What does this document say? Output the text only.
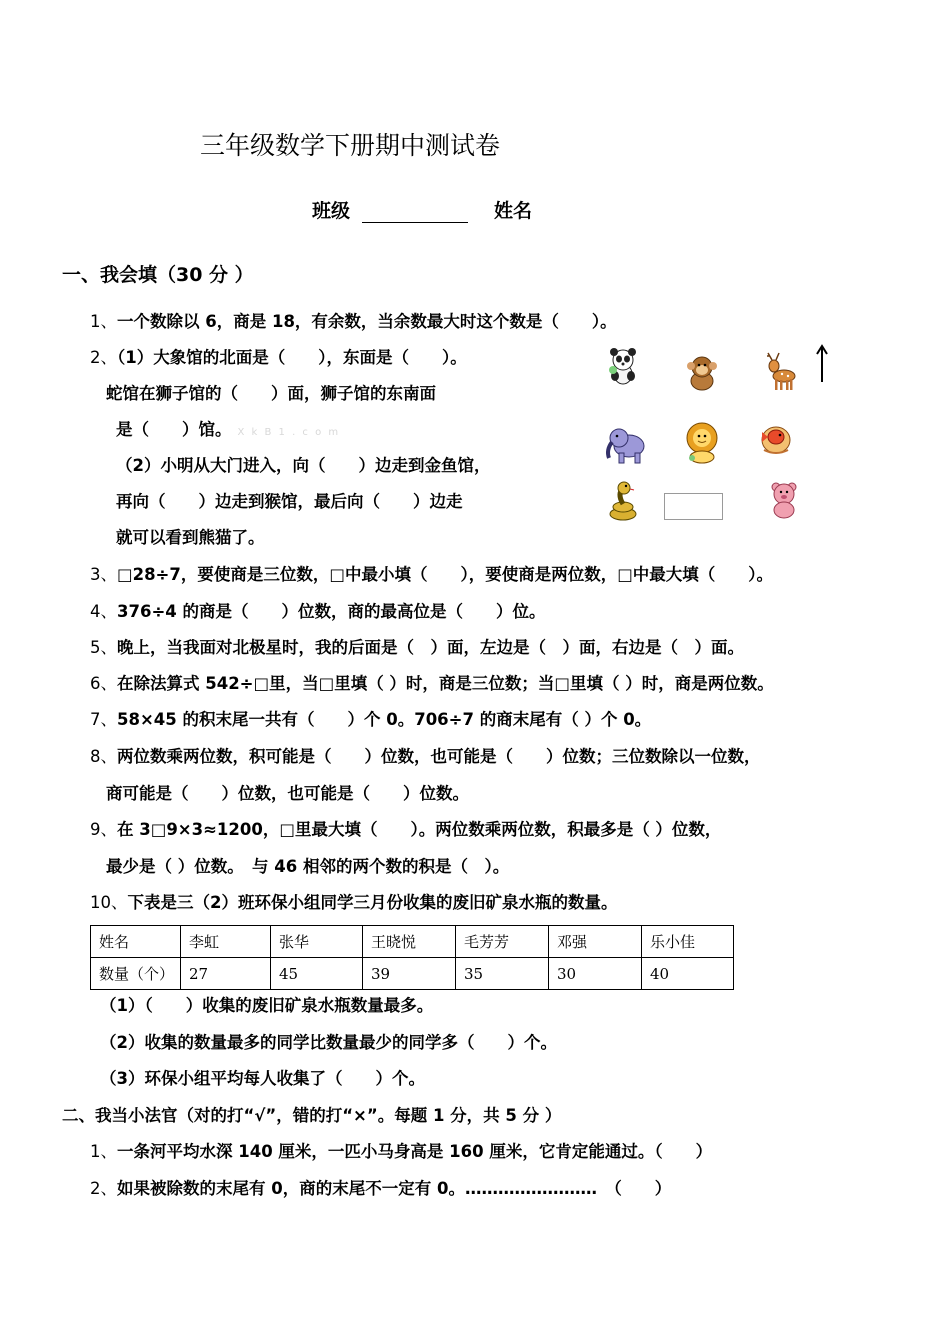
三年级数学下册期中测试卷
班级	姓名
一、我会填（30 分 ）
1、一个数除以 6，商是 18，有余数，当余数最大时这个数是（　　）。
2、（1）大象馆的北面是（　　），东面是（　　）。
蛇馆在狮子馆的（　　）面，狮子馆的东南面
是（　　）馆。 X k B 1 . c o m
（2）小明从大门进入，向（　　）边走到金鱼馆，
再向（　　）边走到猴馆，最后向（　　）边走
就可以看到熊猫了。
3、□28÷7，要使商是三位数，□中最小填（　　），要使商是两位数，□中最大填（　　）。
4、376÷4 的商是（　　）位数，商的最高位是（　　）位。
5、晚上，当我面对北极星时，我的后面是（　）面，左边是（　）面，右边是（　）面。
6、在除法算式 542÷□里，当□里填（ ）时，商是三位数；当□里填（ ）时，商是两位数。
7、58×45 的积末尾一共有（　　）个 0。706÷7 的商末尾有（ ）个 0。
8、两位数乘两位数，积可能是（　　）位数，也可能是（　　）位数；三位数除以一位数，
商可能是（　　）位数，也可能是（　　）位数。
9、在 3□9×3≈1200，□里最大填（　　）。两位数乘两位数，积最多是（ ）位数，
最少是（ ）位数。　与 46 相邻的两个数的积是（　）。
10、下表是三（2）班环保小组同学三月份收集的废旧矿泉水瓶的数量。
姓名	李虹	张华	王晓悦	毛芳芳	邓强	乐小佳
数量（个）	27	45	39	35	30	40
（1）（　　）收集的废旧矿泉水瓶数量最多。
（2）收集的数量最多的同学比数量最少的同学多（　　）个。
（3）环保小组平均每人收集了（　　）个。
二、我当小法官（对的打“√”，错的打“×”。每题 1 分，共 5 分 ）
1、一条河平均水深 140 厘米，一匹小马身高是 160 厘米，它肯定能通过。（　　）
2、如果被除数的末尾有 0，商的末尾不一定有 0。……………………　（　　）
